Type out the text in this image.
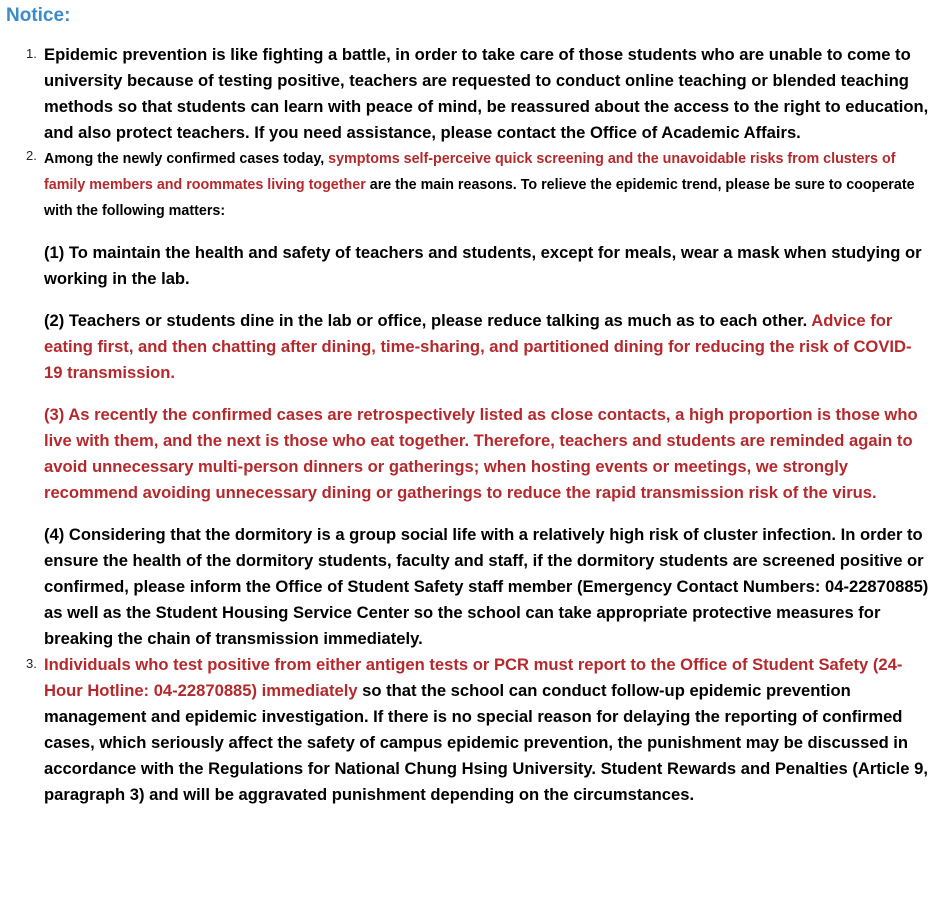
Notice:
1. Epidemic prevention is like fighting a battle, in order to take care of those students who are unable to come to university because of testing positive, teachers are requested to conduct online teaching or blended teaching methods so that students can learn with peace of mind, be reassured about the access to the right to education, and also protect teachers. If you need assistance, please contact the Office of Academic Affairs.

2. Among the newly confirmed cases today, symptoms self-perceive quick screening and the unavoidable risks from clusters of family members and roommates living together are the main reasons. To relieve the epidemic trend, please be sure to cooperate with the following matters:

(1) To maintain the health and safety of teachers and students, except for meals, wear a mask when studying or working in the lab.

(2) Teachers or students dine in the lab or office, please reduce talking as much as to each other. Advice for eating first, and then chatting after dining, time-sharing, and partitioned dining for reducing the risk of COVID-19 transmission.

(3) As recently the confirmed cases are retrospectively listed as close contacts, a high proportion is those who live with them, and the next is those who eat together. Therefore, teachers and students are reminded again to avoid unnecessary multi-person dinners or gatherings; when hosting events or meetings, we strongly recommend avoiding unnecessary dining or gatherings to reduce the rapid transmission risk of the virus.

(4) Considering that the dormitory is a group social life with a relatively high risk of cluster infection. In order to ensure the health of the dormitory students, faculty and staff, if the dormitory students are screened positive or confirmed, please inform the Office of Student Safety staff member (Emergency Contact Numbers: 04-22870885) as well as the Student Housing Service Center so the school can take appropriate protective measures for breaking the chain of transmission immediately.

3. Individuals who test positive from either antigen tests or PCR must report to the Office of Student Safety (24-Hour Hotline: 04-22870885) immediately so that the school can conduct follow-up epidemic prevention management and epidemic investigation. If there is no special reason for delaying the reporting of confirmed cases, which seriously affect the safety of campus epidemic prevention, the punishment may be discussed in accordance with the Regulations for National Chung Hsing University. Student Rewards and Penalties (Article 9, paragraph 3) and will be aggravated punishment depending on the circumstances.
